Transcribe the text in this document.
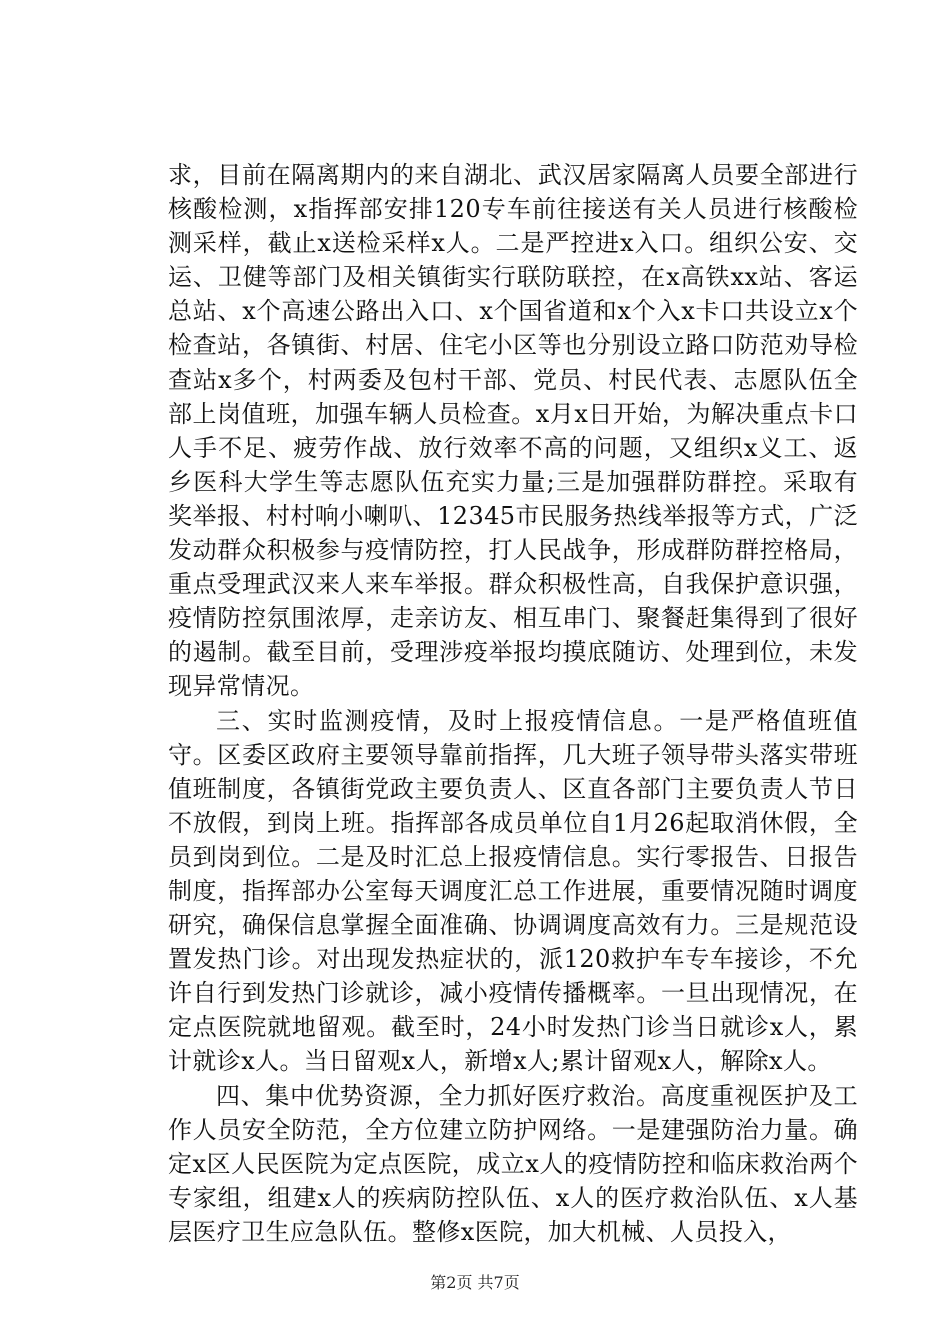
求，目前在隔离期内的来自湖北、武汉居家隔离人员要全部进行核酸检测，x指挥部安排120专车前往接送有关人员进行核酸检测采样，截止x送检采样x人。二是严控进x入口。组织公安、交运、卫健等部门及相关镇街实行联防联控，在x高铁xx站、客运总站、x个高速公路出入口、x个国省道和x个入x卡口共设立x个检查站，各镇街、村居、住宅小区等也分别设立路口防范劝导检查站x多个，村两委及包村干部、党员、村民代表、志愿队伍全部上岗值班，加强车辆人员检查。x月x日开始，为解决重点卡口人手不足、疲劳作战、放行效率不高的问题，又组织x义工、返乡医科大学生等志愿队伍充实力量;三是加强群防群控。采取有奖举报、村村响小喇叭、12345市民服务热线举报等方式，广泛发动群众积极参与疫情防控，打人民战争，形成群防群控格局，重点受理武汉来人来车举报。群众积极性高，自我保护意识强，疫情防控氛围浓厚，走亲访友、相互串门、聚餐赶集得到了很好的遏制。截至目前，受理涉疫举报均摸底随访、处理到位，未发现异常情况。

三、实时监测疫情，及时上报疫情信息。一是严格值班值守。区委区政府主要领导靠前指挥，几大班子领导带头落实带班值班制度，各镇街党政主要负责人、区直各部门主要负责人节日不放假，到岗上班。指挥部各成员单位自1月26起取消休假，全员到岗到位。二是及时汇总上报疫情信息。实行零报告、日报告制度，指挥部办公室每天调度汇总工作进展，重要情况随时调度研究，确保信息掌握全面准确、协调调度高效有力。三是规范设置发热门诊。对出现发热症状的，派120救护车专车接诊，不允许自行到发热门诊就诊，减小疫情传播概率。一旦出现情况，在定点医院就地留观。截至时，24小时发热门诊当日就诊x人，累计就诊x人。当日留观x人，新增x人;累计留观x人，解除x人。

四、集中优势资源，全力抓好医疗救治。高度重视医护及工作人员安全防范，全方位建立防护网络。一是建强防治力量。确定x区人民医院为定点医院，成立x人的疫情防控和临床救治两个专家组，组建x人的疾病防控队伍、x人的医疗救治队伍、x人基层医疗卫生应急队伍。整修x医院，加大机械、人员投入，

第2页 共7页
